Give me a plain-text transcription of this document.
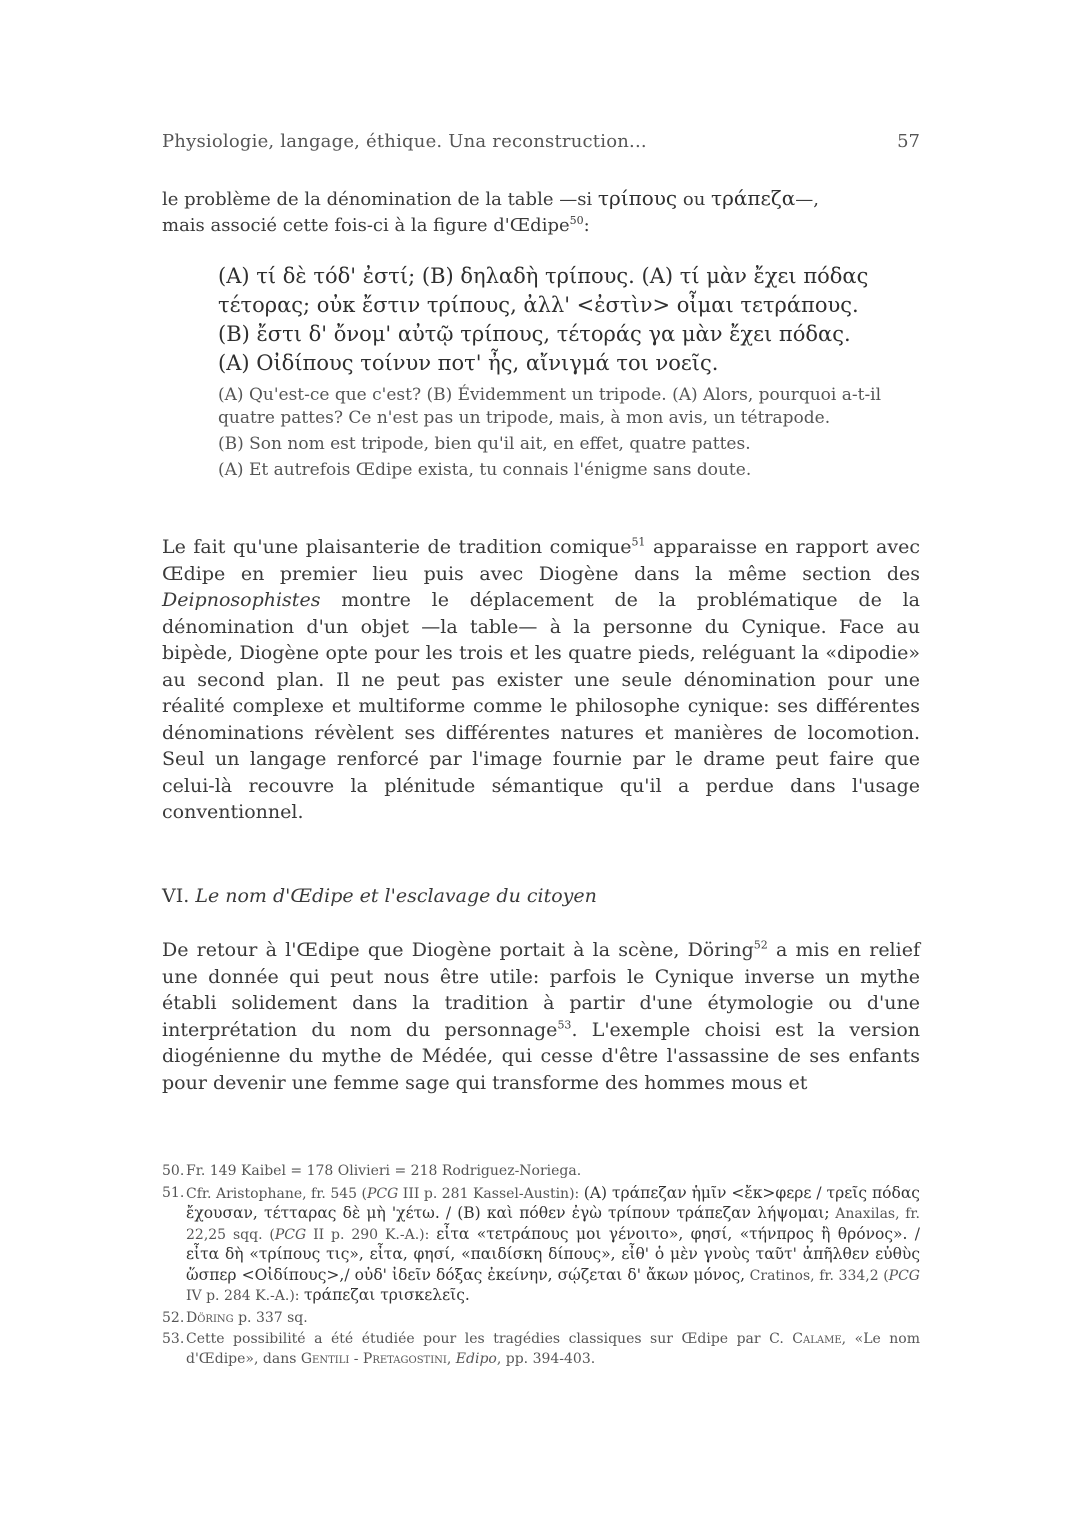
Physiologie, langage, éthique. Una reconstruction...	57
le problème de la dénomination de la table —si τρίπους ou τράπεζα—,
mais associé cette fois-ci à la figure d'Œdipe$^{50}$:
(A) τί δὲ τόδ' ἐστί; (B) δηλαδὴ τρίπους. (A) τί μὰν ἔχει πόδας
τέτορας; οὐκ ἔστιν τρίπους, ἀλλ' <ἐστὶν> οἶμαι τετράπους.
(B) ἔστι δ' ὄνομ' αὐτῷ τρίπους, τέτοράς γα μὰν ἔχει πόδας.
(A) Οἰδίπους τοίνυν ποτ' ἦς, αἴνιγμά τοι νοεῖς.

(A) Qu'est-ce que c'est? (B) Évidemment un tripode. (A) Alors, pourquoi a-t-il quatre pattes? Ce n'est pas un tripode, mais, à mon avis, un tétrapode.

(B) Son nom est tripode, bien qu'il ait, en effet, quatre pattes.

(A) Et autrefois Œdipe exista, tu connais l'énigme sans doute.

Le fait qu'une plaisanterie de tradition comique$^{51}$ apparaisse en rapport avec Œdipe en premier lieu puis avec Diogène dans la même section des Deipnosophistes montre le déplacement de la problématique de la dénomination d'un objet —la table— à la personne du Cynique. Face au bipède, Diogène opte pour les trois et les quatre pieds, reléguant la «dipodie» au second plan. Il ne peut pas exister une seule dénomination pour une réalité complexe et multiforme comme le philosophe cynique: ses différentes dénominations révèlent ses différentes natures et manières de locomotion. Seul un langage renforcé par l'image fournie par le drame peut faire que celui-là recouvre la plénitude sémantique qu'il a perdue dans l'usage conventionnel.
VI. Le nom d'Œdipe et l'esclavage du citoyen
De retour à l'Œdipe que Diogène portait à la scène, Döring$^{52}$ a mis en relief une donnée qui peut nous être utile: parfois le Cynique inverse un mythe établi solidement dans la tradition à partir d'une étymologie ou d'une interprétation du nom du personnage$^{53}$. L'exemple choisi est la version diogénienne du mythe de Médée, qui cesse d'être l'assassine de ses enfants pour devenir une femme sage qui transforme des hommes mous et
50. Fr. 149 Kaibel = 178 Olivieri = 218 Rodriguez-Noriega.
51. Cfr. Aristophane, fr. 545 (PCG III p. 281 Kassel-Austin): (A) τράπεζαν ἡμῖν <ἔκ>φερε / τρεῖς πόδας ἔχουσαν, τέτταρας δὲ μὴ 'χέτω. / (B) καὶ πόθεν ἐγὼ τρίπουν τράπεζαν λήψομαι; Anaxilas, fr. 22,25 sqq. (PCG II p. 290 K.-A.): εἶτα «τετράπους μοι γένοιτο», φησί, «τήνπρος ἢ θρόνος». / εἶτα δὴ «τρίπους τις», εἶτα, φησί, «παιδίσκη δίπους», εἶθ' ὁ μὲν γνοὺς ταῦτ' ἀπῆλθεν εὐθὺς ὥσπερ <Οἰδίπους>,/ οὐδ' ἰδεῖν δόξας ἐκείνην, σῴζεται δ' ἄκων μόνος, Cratinos, fr. 334,2 (PCG IV p. 284 K.-A.): τράπεζαι τρισκελεῖς.
52. Döring p. 337 sq.
53. Cette possibilité a été étudiée pour les tragédies classiques sur Œdipe par C. Calame, «Le nom d'Œdipe», dans Gentili - Pretagostini, Edipo, pp. 394-403.
